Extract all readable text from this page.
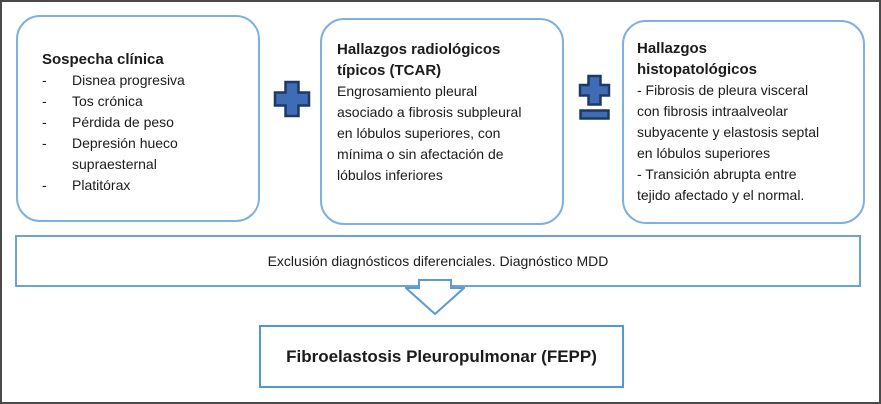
Sospecha clínica
-	Disnea progresiva
-	Tos crónica
-	Pérdida de peso
-	Depresión hueco supraesternal
-	Platitórax
Hallazgos radiológicos típicos (TCAR)
Engrosamiento pleural asociado a fibrosis subpleural en lóbulos superiores, con mínima o sin afectación de lóbulos inferiores
Hallazgos histopatológicos
- Fibrosis de pleura visceral con fibrosis intraalveolar subyacente y elastosis septal en lóbulos superiores
- Transición abrupta entre tejido afectado y el normal.
Exclusión diagnósticos diferenciales. Diagnóstico MDD
Fibroelastosis Pleuropulmonar (FEPP)
